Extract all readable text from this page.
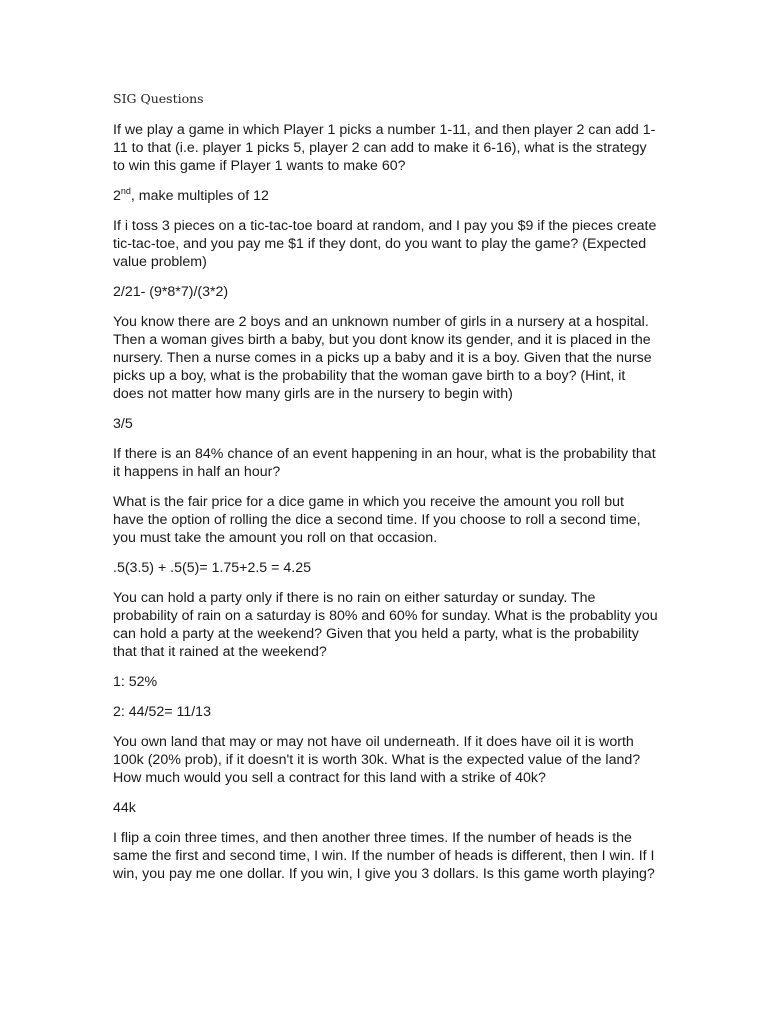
SIG Questions

If we play a game in which Player 1 picks a number 1-11, and then player 2 can add 1-11 to that (i.e. player 1 picks 5, player 2 can add to make it 6-16), what is the strategy to win this game if Player 1 wants to make 60?

2nd, make multiples of 12

If i toss 3 pieces on a tic-tac-toe board at random, and I pay you $9 if the pieces create tic-tac-toe, and you pay me $1 if they dont, do you want to play the game? (Expected value problem)

2/21- (9*8*7)/(3*2)

You know there are 2 boys and an unknown number of girls in a nursery at a hospital. Then a woman gives birth a baby, but you dont know its gender, and it is placed in the nursery. Then a nurse comes in a picks up a baby and it is a boy. Given that the nurse picks up a boy, what is the probability that the woman gave birth to a boy? (Hint, it does not matter how many girls are in the nursery to begin with)

3/5

If there is an 84% chance of an event happening in an hour, what is the probability that it happens in half an hour?

What is the fair price for a dice game in which you receive the amount you roll but have the option of rolling the dice a second time. If you choose to roll a second time, you must take the amount you roll on that occasion.

.5(3.5) + .5(5)= 1.75+2.5 = 4.25

You can hold a party only if there is no rain on either saturday or sunday. The probability of rain on a saturday is 80% and 60% for sunday. What is the probablity you can hold a party at the weekend? Given that you held a party, what is the probability that that it rained at the weekend?

1: 52%

2: 44/52= 11/13

You own land that may or may not have oil underneath. If it does have oil it is worth 100k (20% prob), if it doesn't it is worth 30k. What is the expected value of the land? How much would you sell a contract for this land with a strike of 40k?

44k

I flip a coin three times, and then another three times. If the number of heads is the same the first and second time, I win. If the number of heads is different, then I win. If I win, you pay me one dollar. If you win, I give you 3 dollars. Is this game worth playing?
